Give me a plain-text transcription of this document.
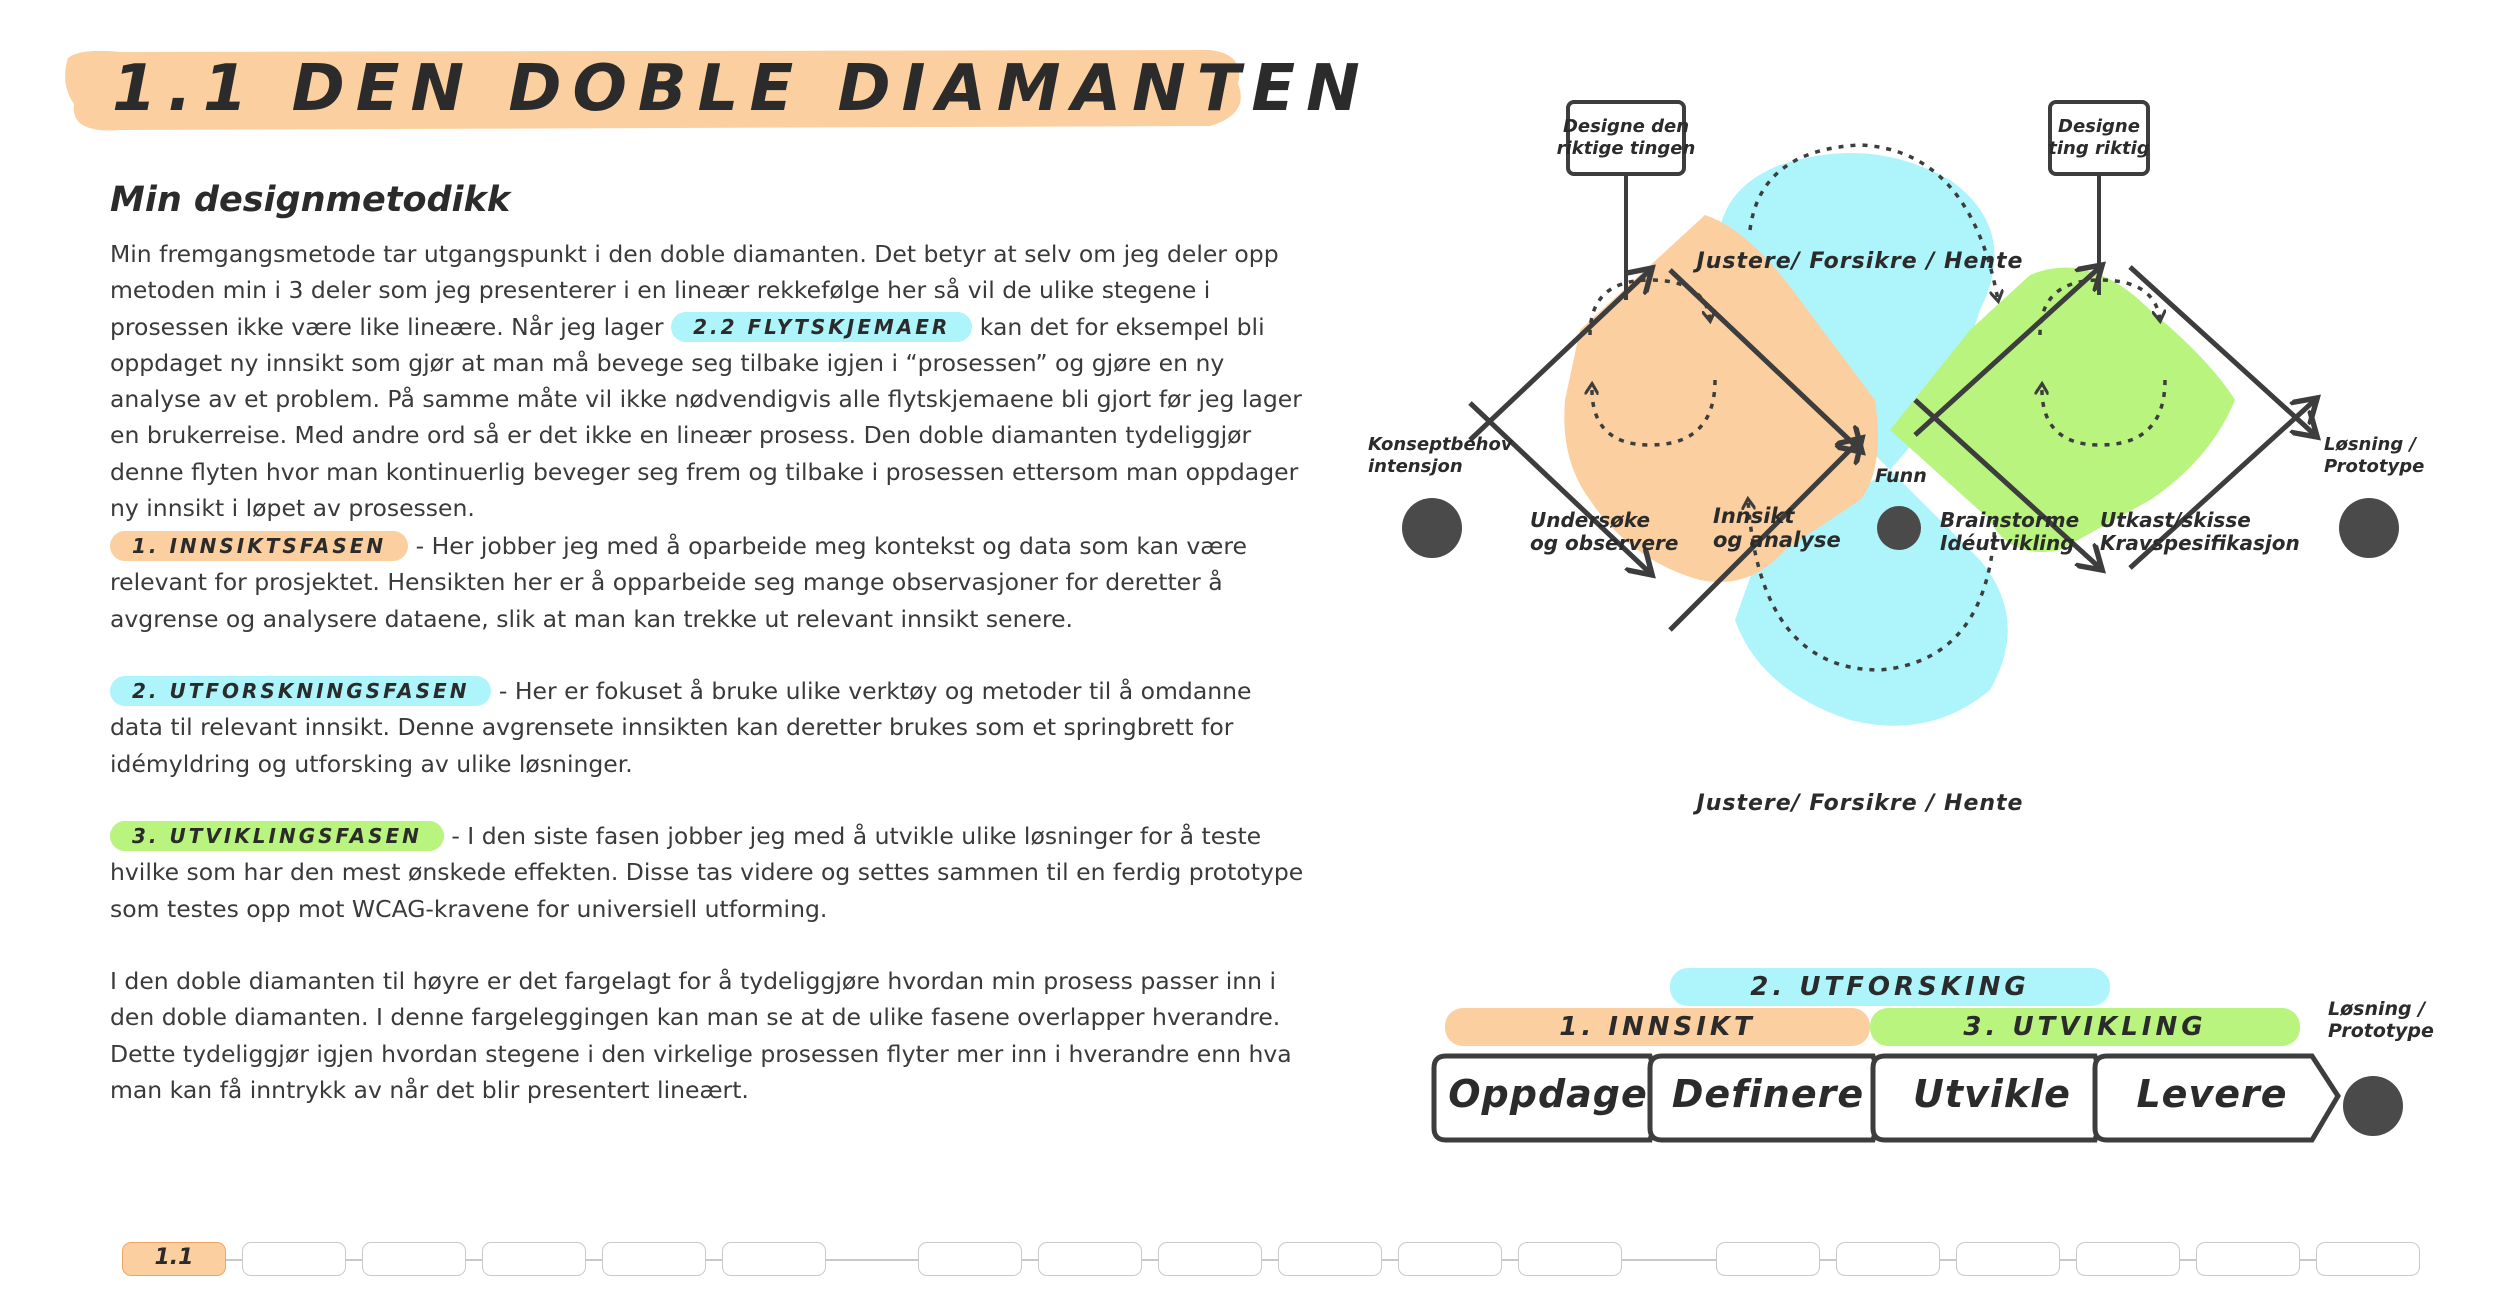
1.1 DEN DOBLE DIAMANTEN
Min designmetodikk
Min fremgangsmetode tar utgangspunkt i den doble diamanten. Det betyr at selv om jeg deler opp metoden min i 3 deler som jeg presenterer i en lineær rekkefølge her så vil de ulike stegene i prosessen ikke være like lineære. Når jeg lager 2.2 FLYTSKJEMAER kan det for eksempel bli oppdaget ny innsikt som gjør at man må bevege seg tilbake igjen i “prosessen” og gjøre en ny analyse av et problem. På samme måte vil ikke nødvendigvis alle flytskjemaene bli gjort før jeg lager en brukerreise. Med andre ord så er det ikke en lineær prosess. Den doble diamanten tydeliggjør denne flyten hvor man kontinuerlig beveger seg frem og tilbake i prosessen ettersom man oppdager ny innsikt i løpet av prosessen.
1. INNSIKTSFASEN - Her jobber jeg med å oparbeide meg kontekst og data som kan være relevant for prosjektet. Hensikten her er å opparbeide seg mange observasjoner for deretter å avgrense og analysere dataene, slik at man kan trekke ut relevant innsikt senere.
2. UTFORSKNINGSFASEN - Her er fokuset å bruke ulike verktøy og metoder til å omdanne data til relevant innsikt. Denne avgrensete innsikten kan deretter brukes som et springbrett for idémyldring og utforsking av ulike løsninger.
3. UTVIKLINGSFASEN - I den siste fasen jobber jeg med å utvikle ulike løsninger for å teste hvilke som har den mest ønskede effekten. Disse tas videre og settes sammen til en ferdig prototype som testes opp mot WCAG-kravene for universiell utforming.
I den doble diamanten til høyre er det fargelagt for å tydeliggjøre hvordan min prosess passer inn i den doble diamanten. I denne fargeleggingen kan man se at de ulike fasene overlapper hverandre. Dette tydeliggjør igjen hvordan stegene i den virkelige prosessen flyter mer inn i hverandre enn hva man kan få inntrykk av når det blir presentert lineært.
Designe den
riktige tingen
Designe
ting riktig
Justere/ Forsikre / Hente
Justere/ Forsikre / Hente
Konseptbehov
intensjon	Funn
Løsning /
Prototype
Undersøke
og observere
Innsikt
og analyse
Brainstorme
Idéutvikling
Utkast/skisse
Kravspesifikasjon
2. UTFORSKING
1. INNSIKT	3. UTVIKLING
Oppdage Definere	Utvikle	Levere
Løsning /
Prototype
1.1
